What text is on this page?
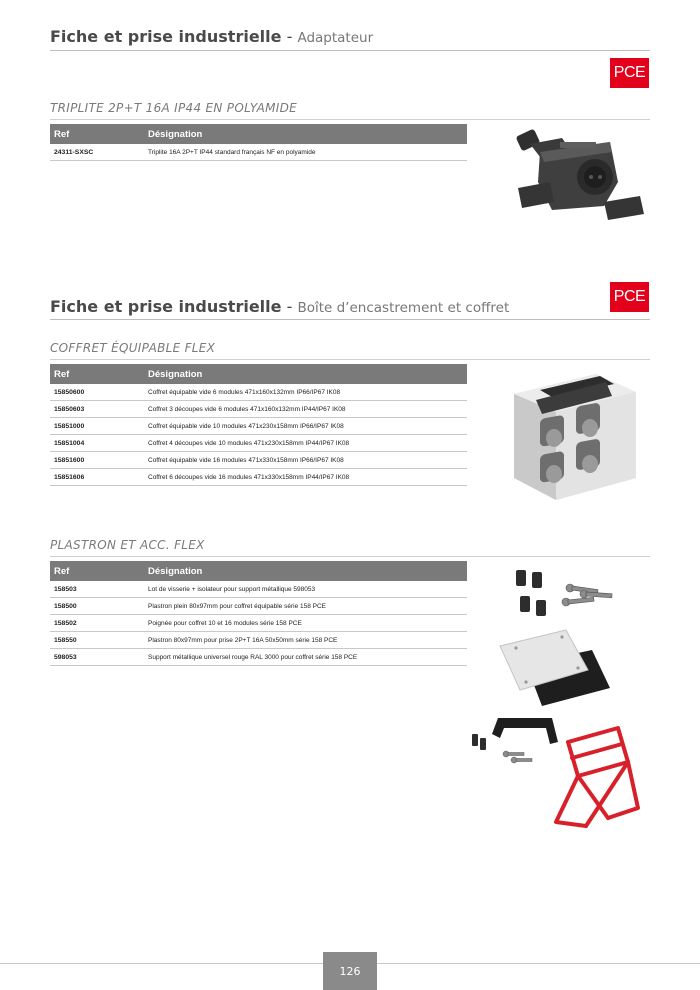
Fiche et prise industrielle - Adaptateur
PCE
TRIPLITE 2P+T 16A IP44 EN POLYAMIDE
Ref	Désignation
24311-SXSC	Triplite 16A 2P+T IP44 standard français NF en polyamide
PCE
Fiche et prise industrielle - Boîte d’encastrement et coffret
COFFRET ÉQUIPABLE FLEX
Ref	Désignation
15850600	Coffret équipable vide 6 modules 471x160x132mm IP66/IP67 IK08
15850603	Coffret 3 découpes vide 6 modules 471x160x132mm IP44/IP67 IK08
15851000	Coffret équipable vide 10 modules 471x230x158mm IP66/IP67 IK08
15851004	Coffret 4 découpes vide 10 modules 471x230x158mm IP44/IP67 IK08
15851600	Coffret équipable vide 16 modules 471x330x158mm IP66/IP67 IK08
15851606	Coffret 6 découpes vide 16 modules 471x330x158mm IP44/IP67 IK08
PLASTRON ET ACC. FLEX
Ref	Désignation
158503	Lot de visserie + isolateur pour support métallique 598053
158500	Plastron plein 80x97mm pour coffret équipable série 158 PCE
158502	Poignée pour coffret 10 et 16 modules série 158 PCE
158550	Plastron 80x97mm pour prise 2P+T 16A 50x50mm série 158 PCE
598053	Support métallique universel rouge RAL 3000 pour coffret série 158 PCE
126
